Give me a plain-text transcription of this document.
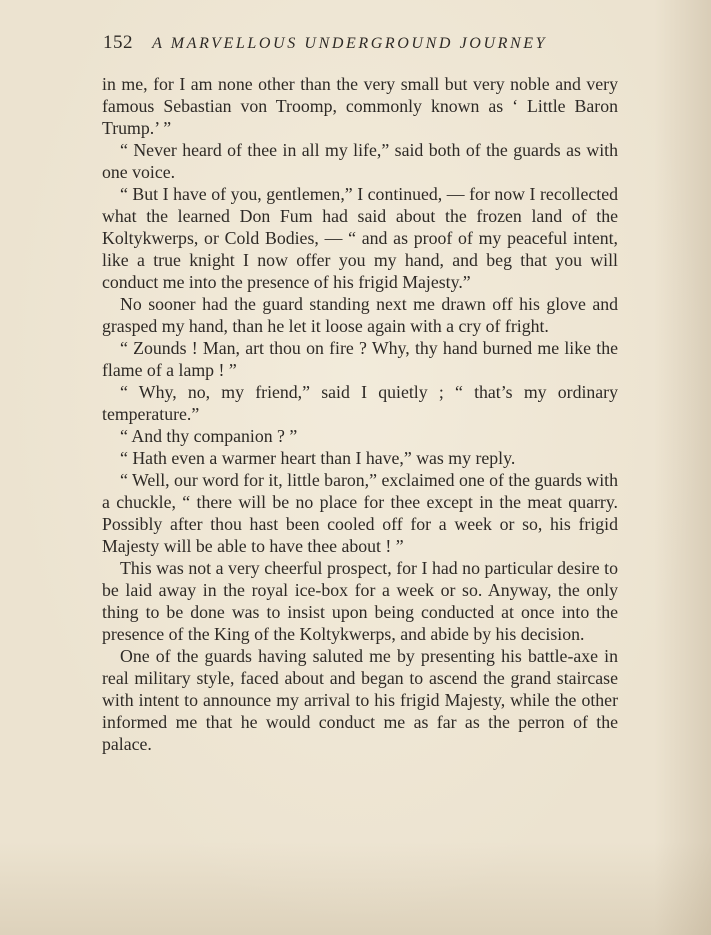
152 A MARVELLOUS UNDERGROUND JOURNEY

in me, for I am none other than the very small but very noble and very famous Sebastian von Troomp, commonly known as ‘ Little Baron Trump.’ ”

“ Never heard of thee in all my life,” said both of the guards as with one voice.

“ But I have of you, gentlemen,” I continued, — for now I recollected what the learned Don Fum had said about the frozen land of the Koltykwerps, or Cold Bodies, — “ and as proof of my peaceful intent, like a true knight I now offer you my hand, and beg that you will conduct me into the presence of his frigid Majesty.”

No sooner had the guard standing next me drawn off his glove and grasped my hand, than he let it loose again with a cry of fright.

“ Zounds ! Man, art thou on fire ? Why, thy hand burned me like the flame of a lamp ! ”

“ Why, no, my friend,” said I quietly ; “ that’s my ordinary temperature.”

“ And thy companion ? ”

“ Hath even a warmer heart than I have,” was my reply.

“ Well, our word for it, little baron,” exclaimed one of the guards with a chuckle, “ there will be no place for thee except in the meat quarry. Possibly after thou hast been cooled off for a week or so, his frigid Majesty will be able to have thee about ! ”

This was not a very cheerful prospect, for I had no particular desire to be laid away in the royal ice-box for a week or so. Anyway, the only thing to be done was to insist upon being conducted at once into the presence of the King of the Koltykwerps, and abide by his decision.

One of the guards having saluted me by presenting his battle-axe in real military style, faced about and began to ascend the grand staircase with intent to announce my arrival to his frigid Majesty, while the other informed me that he would conduct me as far as the perron of the palace.
